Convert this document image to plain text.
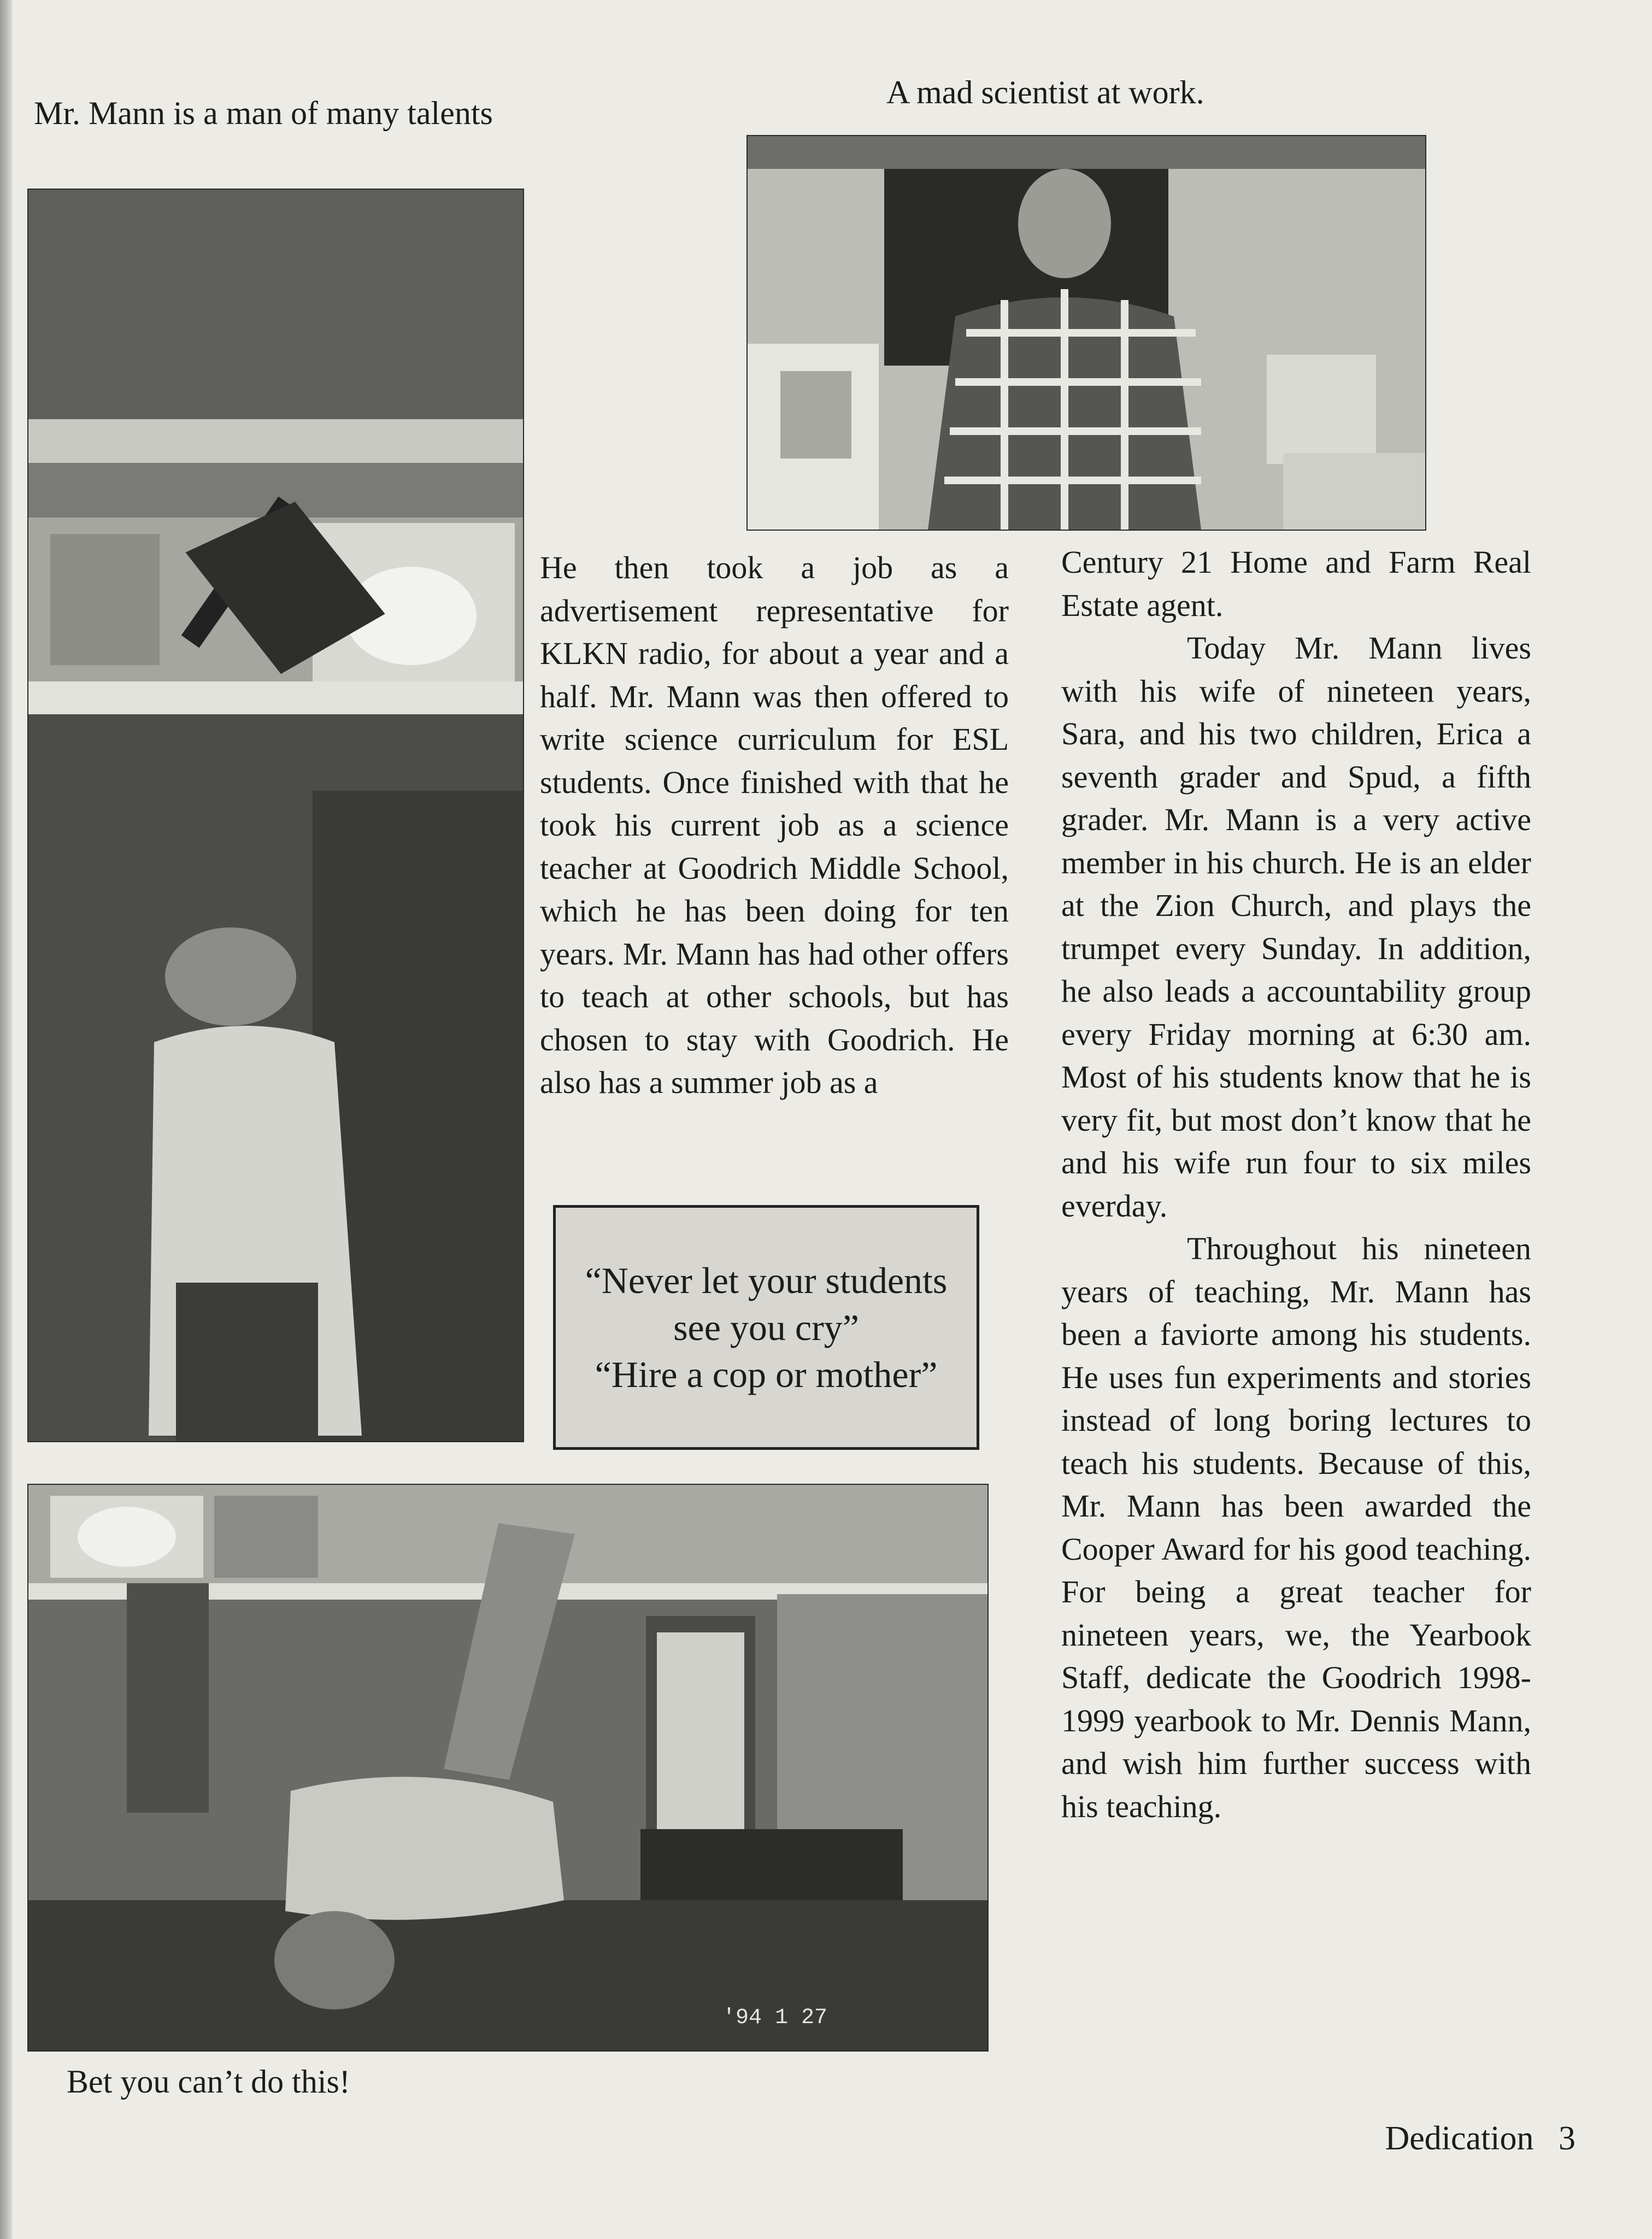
Mr. Mann is a man of many talents

A mad scientist at work.

'94 1 27

Bet you can’t do this!

He then took a job as a advertisement representative for KLKN radio, for about a year and a half. Mr. Mann was then offered to write science curriculum for ESL students. Once finished with that he took his current job as a science teacher at Goodrich Middle School, which he has been doing for ten years. Mr. Mann has had other offers to teach at other schools, but has chosen to stay with Goodrich. He also has a summer job as a

“Never let your students see you cry”
“Hire a cop or mother”

Century 21 Home and Farm Real Estate agent.

Today Mr. Mann lives with his wife of nineteen years, Sara, and his two children, Erica a seventh grader and Spud, a fifth grader. Mr. Mann is a very active member in his church. He is an elder at the Zion Church, and plays the trumpet every Sunday. In addition, he also leads a accountability group every Friday morning at 6:30 am. Most of his students know that he is very fit, but most don’t know that he and his wife run four to six miles everday.

Throughout his nineteen years of teaching, Mr. Mann has been a faviorte among his students. He uses fun experiments and stories instead of long boring lectures to teach his students. Because of this, Mr. Mann has been awarded the Cooper Award for his good teaching. For being a great teacher for nineteen years, we, the Yearbook Staff, dedicate the Goodrich 1998-1999 yearbook to Mr. Dennis Mann, and wish him further success with his teaching.

Dedication 3
